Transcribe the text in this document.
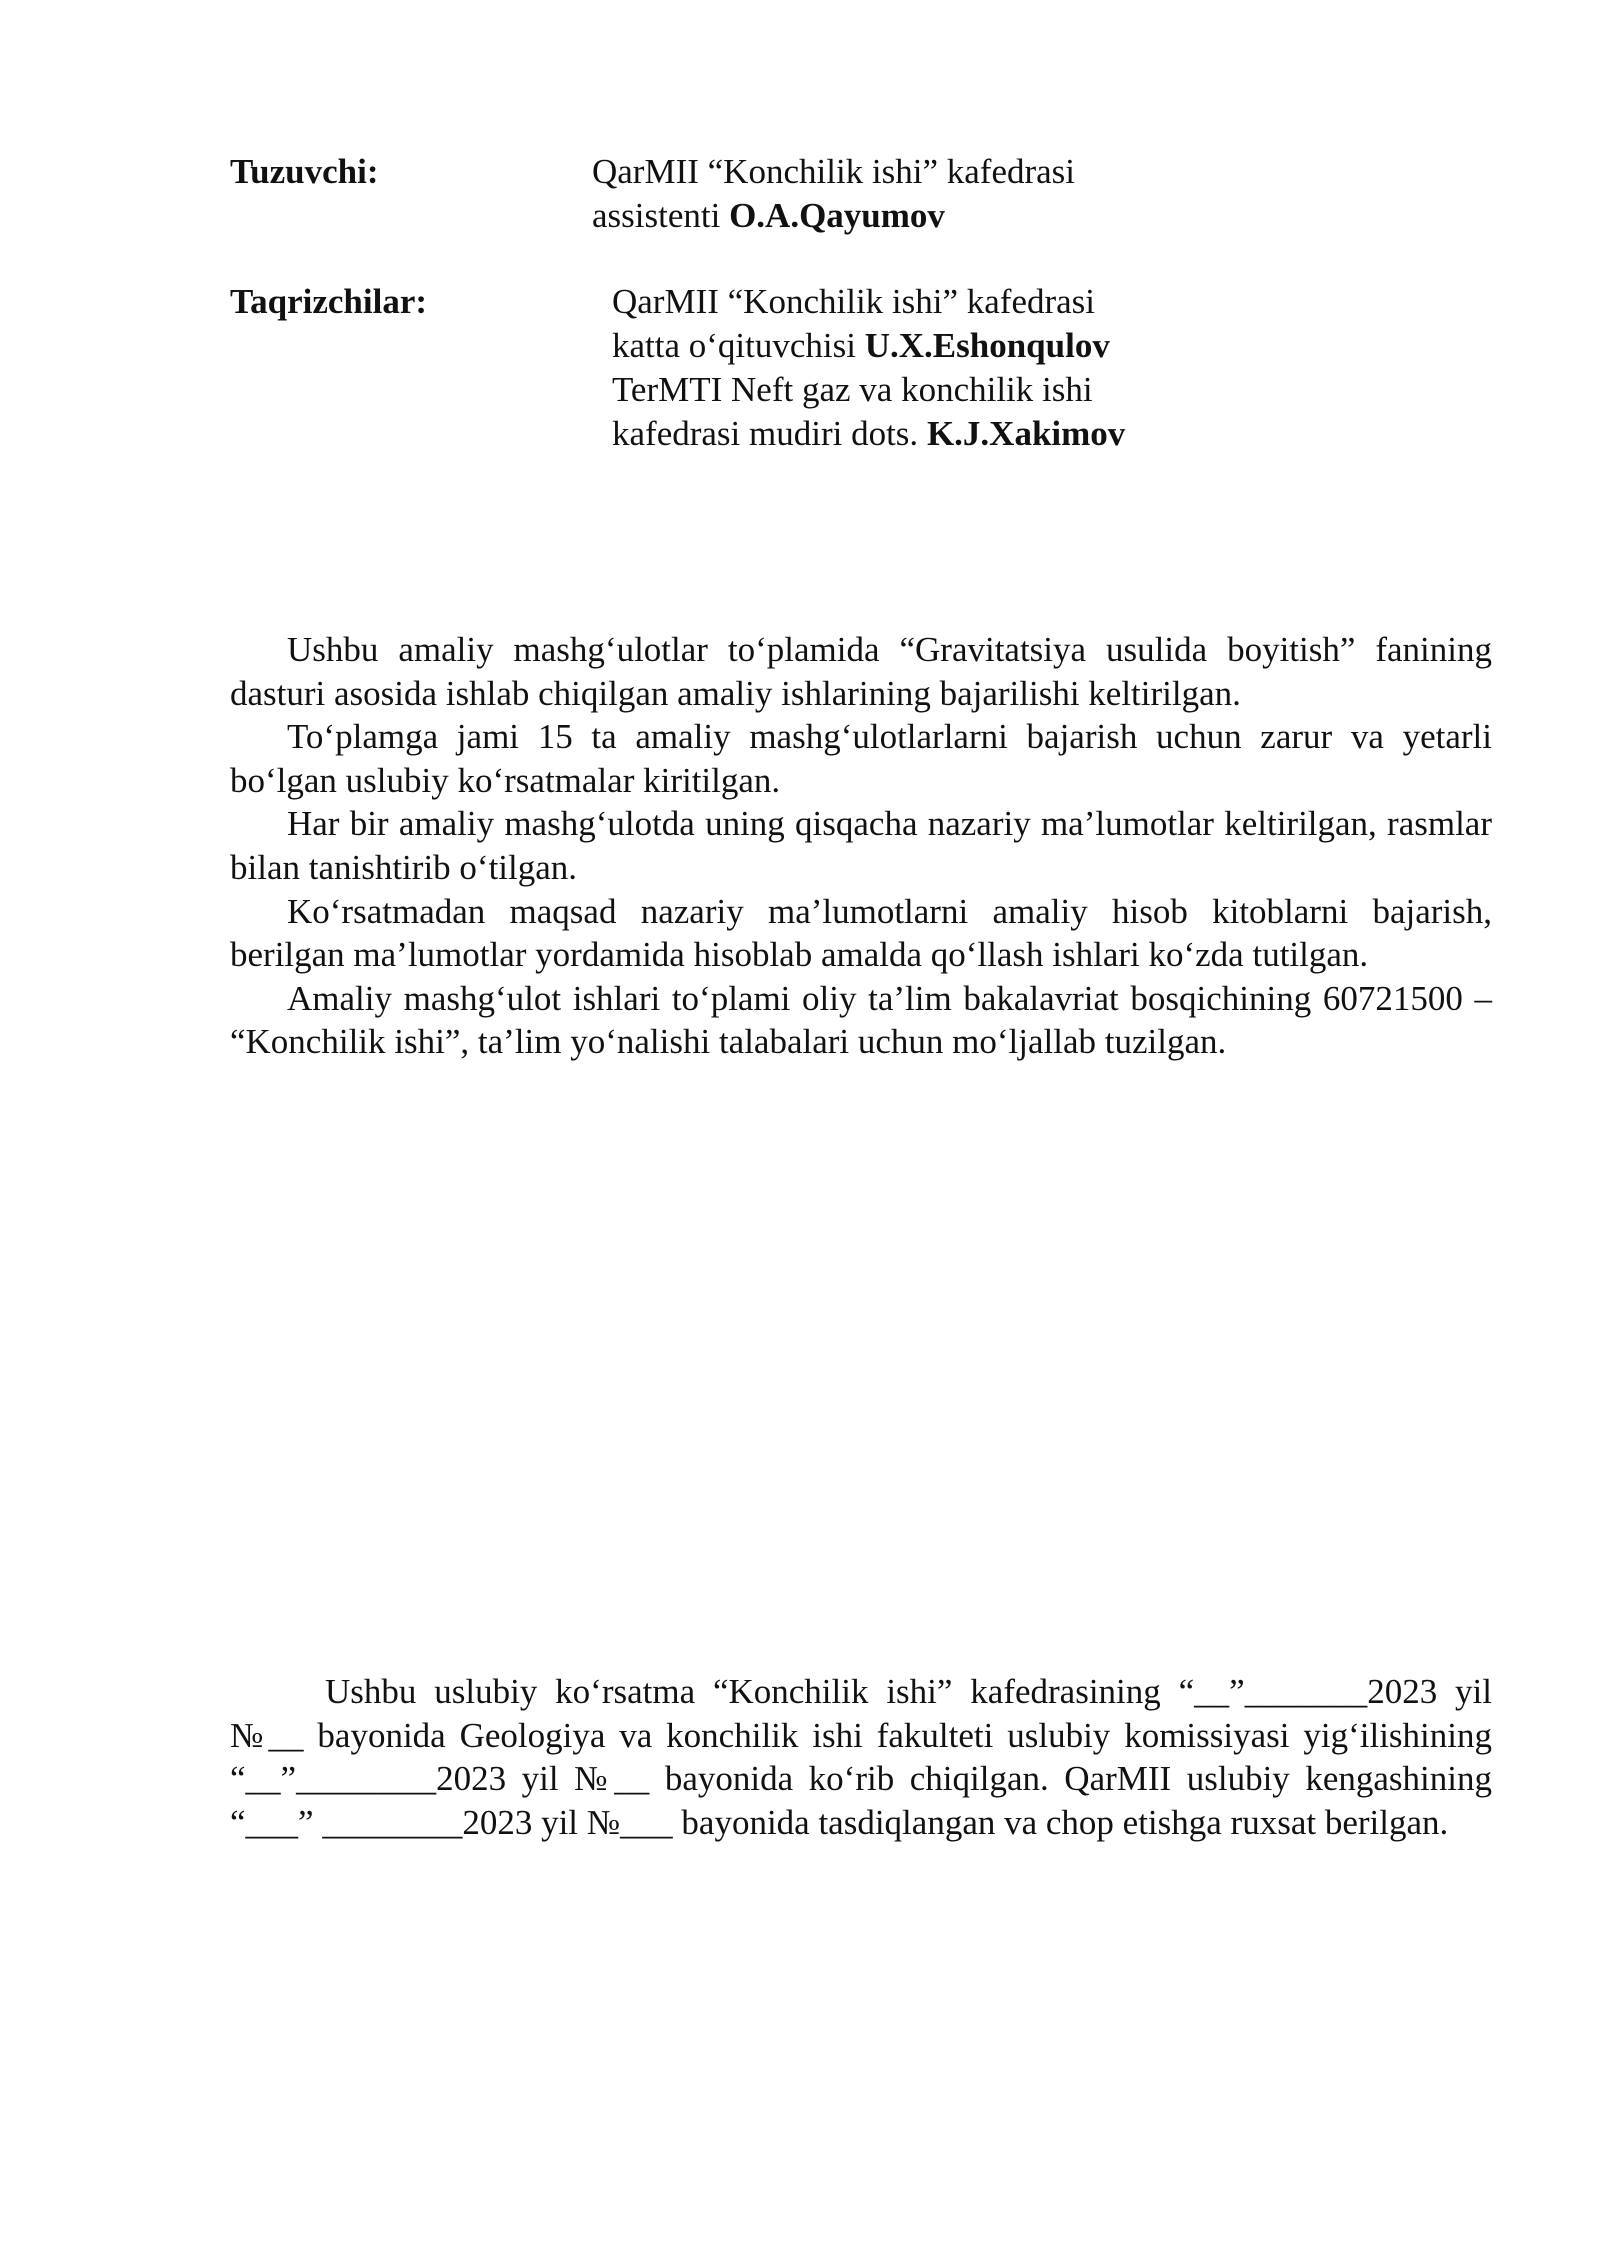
Tuzuvchi:	QarMII “Konchilik ishi” kafedrasi
assistenti O.A.Qayumov
Taqrizchilar:	QarMII “Konchilik ishi” kafedrasi
katta o‘qituvchisi U.X.Eshonqulov
TerMTI Neft gaz va konchilik ishi
kafedrasi mudiri dots. K.J.Xakimov

Ushbu amaliy mashg‘ulotlar to‘plamida “Gravitatsiya usulida boyitish” fanining dasturi asosida ishlab chiqilgan amaliy ishlarining bajarilishi keltirilgan.

To‘plamga jami 15 ta amaliy mashg‘ulotlarlarni bajarish uchun zarur va yetarli bo‘lgan uslubiy ko‘rsatmalar kiritilgan.

Har bir amaliy mashg‘ulotda uning qisqacha nazariy ma’lumotlar keltirilgan, rasmlar bilan tanishtirib o‘tilgan.

Ko‘rsatmadan maqsad nazariy ma’lumotlarni amaliy hisob kitoblarni bajarish, berilgan ma’lumotlar yordamida hisoblab amalda qo‘llash ishlari ko‘zda tutilgan.

Amaliy mashg‘ulot ishlari to‘plami oliy ta’lim bakalavriat bosqichining 60721500 – “Konchilik ishi”, ta’lim yo‘nalishi talabalari uchun mo‘ljallab tuzilgan.

Ushbu uslubiy ko‘rsatma “Konchilik ishi” kafedrasining “__”_______2023 yil №__ bayonida Geologiya va konchilik ishi fakulteti uslubiy komissiyasi yig‘ilishining “__”________2023 yil №__ bayonida ko‘rib chiqilgan. QarMII uslubiy kengashining “___” ________2023 yil №___ bayonida tasdiqlangan va chop etishga ruxsat berilgan.
